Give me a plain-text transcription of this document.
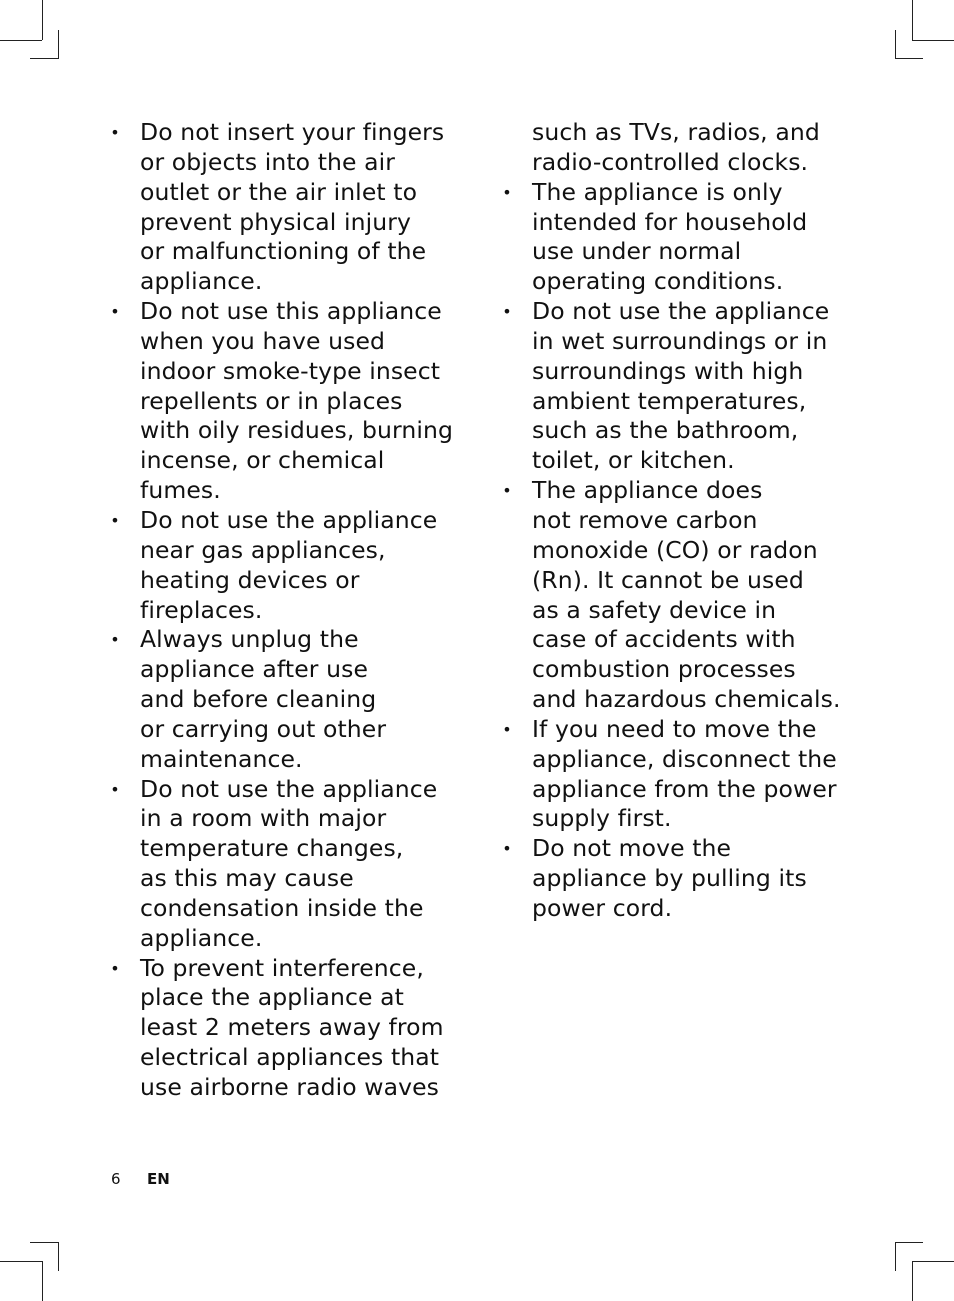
• Do not insert your fingers
or objects into the air
outlet or the air inlet to
prevent physical injury
or malfunctioning of the
appliance.
• Do not use this appliance
when you have used
indoor smoke-type insect
repellents or in places
with oily residues, burning
incense, or chemical
fumes.
• Do not use the appliance
near gas appliances,
heating devices or
fireplaces.
• Always unplug the
appliance after use
and before cleaning
or carrying out other
maintenance.
• Do not use the appliance
in a room with major
temperature changes,
as this may cause
condensation inside the
appliance.
• To prevent interference,
place the appliance at
least 2 meters away from
electrical appliances that
use airborne radio waves
such as TVs, radios, and
radio-controlled clocks.
• The appliance is only
intended for household
use under normal
operating conditions.
• Do not use the appliance
in wet surroundings or in
surroundings with high
ambient temperatures,
such as the bathroom,
toilet, or kitchen.
• The appliance does
not remove carbon
monoxide (CO) or radon
(Rn). It cannot be used
as a safety device in
case of accidents with
combustion processes
and hazardous chemicals.
• If you need to move the
appliance, disconnect the
appliance from the power
supply first.
• Do not move the
appliance by pulling its
power cord.
6 EN
